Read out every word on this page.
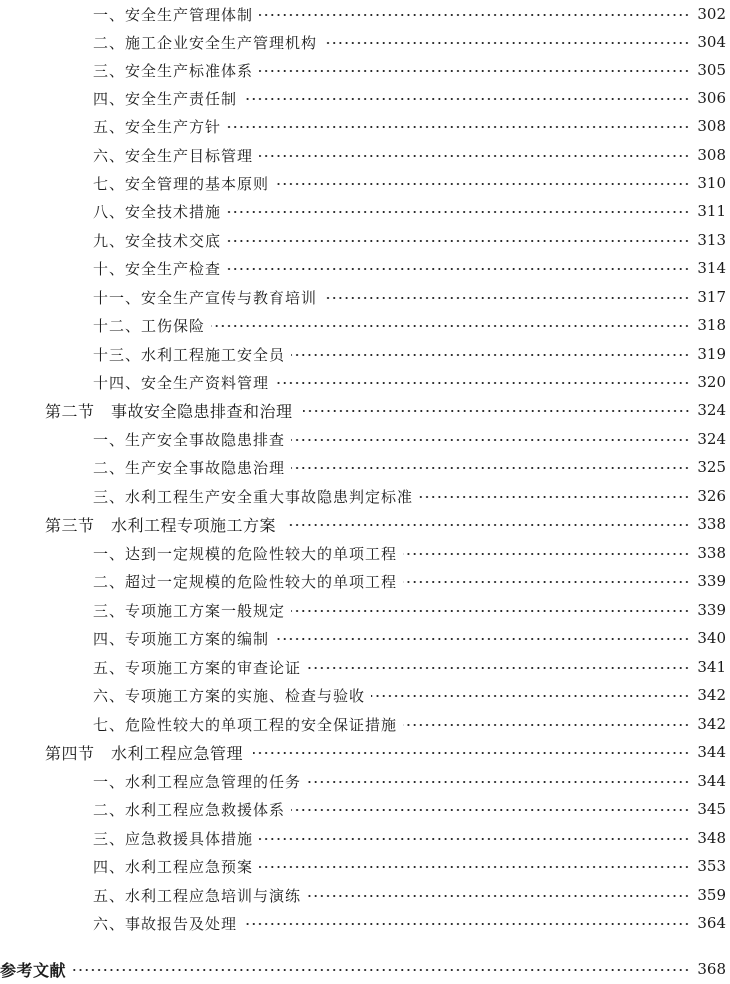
一、安全生产管理体制	302
二、施工企业安全生产管理机构	304
三、安全生产标准体系	305
四、安全生产责任制	306
五、安全生产方针	308
六、安全生产目标管理	308
七、安全管理的基本原则	310
八、安全技术措施	311
九、安全技术交底	313
十、安全生产检查	314
十一、安全生产宣传与教育培训	317
十二、工伤保险	318
十三、水利工程施工安全员	319
十四、安全生产资料管理	320
第二节　事故安全隐患排查和治理	324
一、生产安全事故隐患排查	324
二、生产安全事故隐患治理	325
三、水利工程生产安全重大事故隐患判定标准	326
第三节　水利工程专项施工方案	338
一、达到一定规模的危险性较大的单项工程	338
二、超过一定规模的危险性较大的单项工程	339
三、专项施工方案一般规定	339
四、专项施工方案的编制	340
五、专项施工方案的审查论证	341
六、专项施工方案的实施、检查与验收	342
七、危险性较大的单项工程的安全保证措施	342
第四节　水利工程应急管理	344
一、水利工程应急管理的任务	344
二、水利工程应急救援体系	345
三、应急救援具体措施	348
四、水利工程应急预案	353
五、水利工程应急培训与演练	359
六、事故报告及处理	364
参考文献	368
